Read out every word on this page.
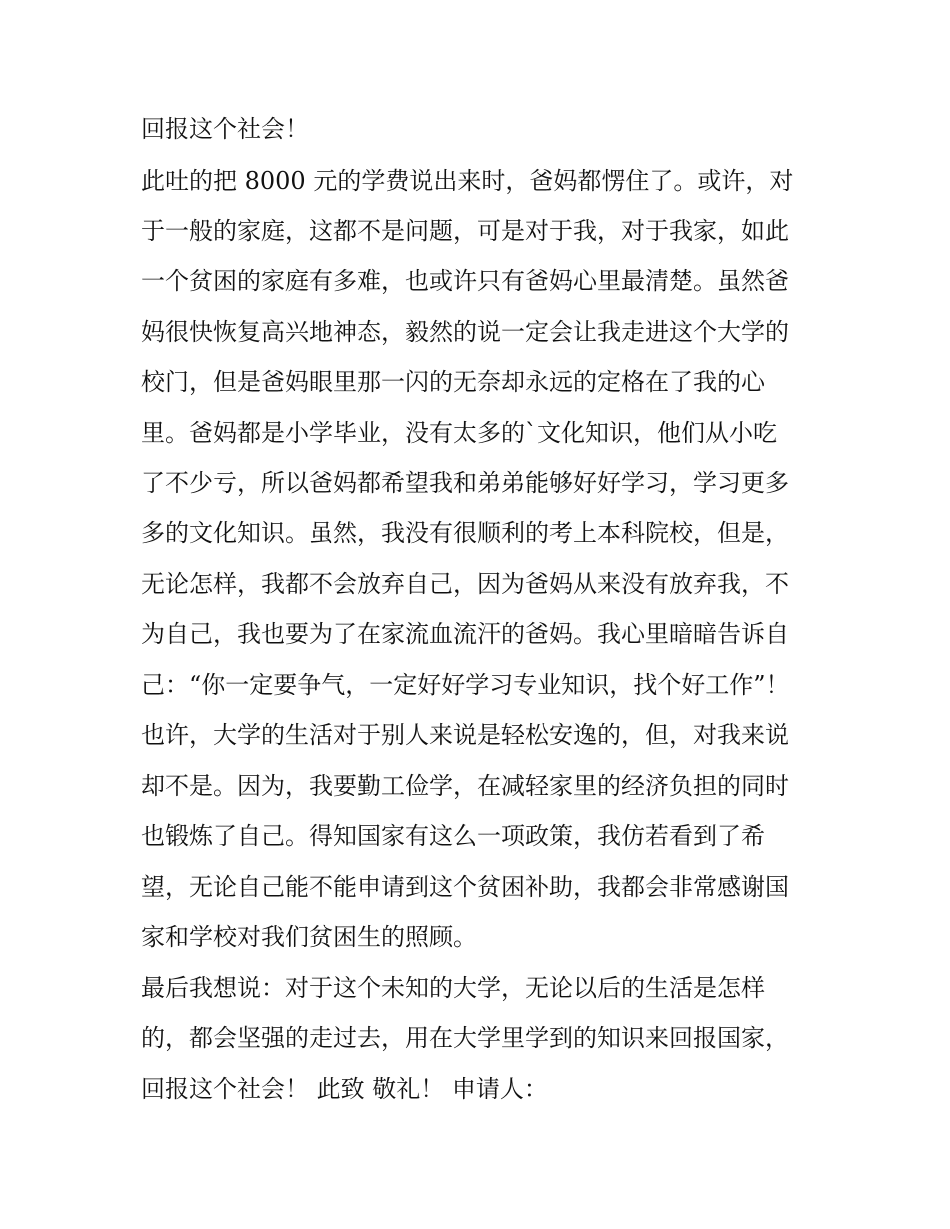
回报这个社会！

此吐的把 8000 元的学费说出来时，爸妈都愣住了。或许，对

于一般的家庭，这都不是问题，可是对于我，对于我家，如此

一个贫困的家庭有多难，也或许只有爸妈心里最清楚。虽然爸

妈很快恢复高兴地神态，毅然的说一定会让我走进这个大学的

校门，但是爸妈眼里那一闪的无奈却永远的定格在了我的心

里。爸妈都是小学毕业，没有太多的`文化知识，他们从小吃

了不少亏，所以爸妈都希望我和弟弟能够好好学习，学习更多

多的文化知识。虽然，我没有很顺利的考上本科院校，但是，

无论怎样，我都不会放弃自己，因为爸妈从来没有放弃我，不

为自己，我也要为了在家流血流汗的爸妈。我心里暗暗告诉自

己：“你一定要争气，一定好好学习专业知识，找个好工作”！

也许，大学的生活对于别人来说是轻松安逸的，但，对我来说

却不是。因为，我要勤工俭学，在减轻家里的经济负担的同时

也锻炼了自己。得知国家有这么一项政策，我仿若看到了希

望，无论自己能不能申请到这个贫困补助，我都会非常感谢国

家和学校对我们贫困生的照顾。

最后我想说：对于这个未知的大学，无论以后的生活是怎样

的，都会坚强的走过去，用在大学里学到的知识来回报国家，

回报这个社会！ 此致 敬礼！ 申请人：
